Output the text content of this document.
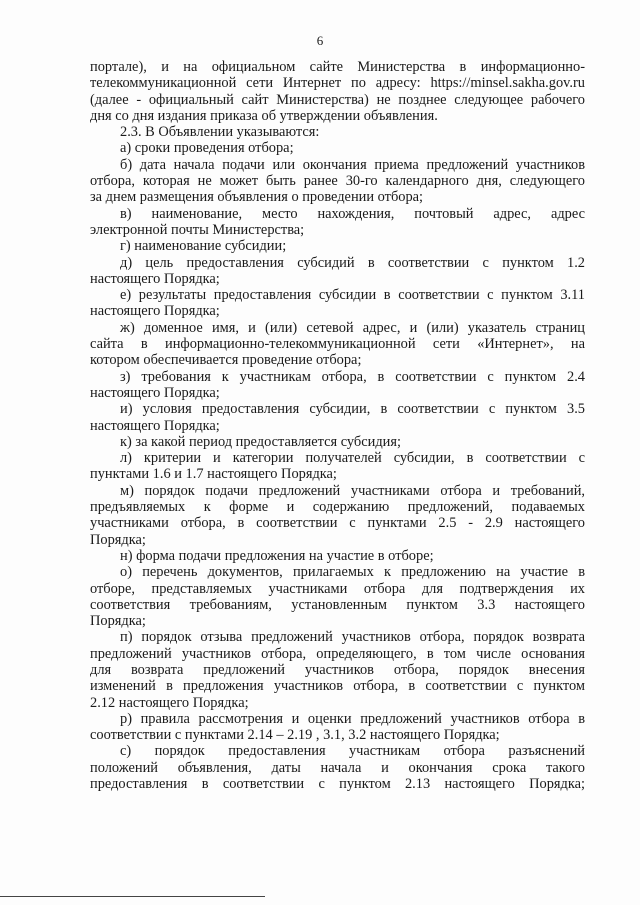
6
порталe), и на официальном сайте Министерства в информационно-
телекоммуникационной сети Интернет по адресу: https://minsel.sakha.gov.ru
(далее - официальный сайт Министерства) не позднее следующее рабочего
дня со дня издания приказа об утверждении объявления.
2.3. В Объявлении указываются:
а) сроки проведения отбора;
б) дата начала подачи или окончания приема предложений участников
отбора, которая не может быть ранее 30-го календарного дня, следующего
за днем размещения объявления о проведении отбора;
в) наименование, место нахождения, почтовый адрес, адрес
электронной почты Министерства;
г) наименование субсидии;
д) цель предоставления субсидий в соответствии с пунктом 1.2
настоящего Порядка;
е) результаты предоставления субсидии в соответствии с пунктом 3.11
настоящего Порядка;
ж) доменное имя, и (или) сетевой адрес, и (или) указатель страниц
сайта в информационно-телекоммуникационной сети «Интернет», на
котором обеспечивается проведение отбора;
з) требования к участникам отбора, в соответствии с пунктом 2.4
настоящего Порядка;
и) условия предоставления субсидии, в соответствии с пунктом 3.5
настоящего Порядка;
к) за какой период предоставляется субсидия;
л) критерии и категории получателей субсидии, в соответствии с
пунктами 1.6 и 1.7 настоящего Порядка;
м) порядок подачи предложений участниками отбора и требований,
предъявляемых к форме и содержанию предложений, подаваемых
участниками отбора, в соответствии с пунктами 2.5 - 2.9 настоящего
Порядка;
н) форма подачи предложения на участие в отборе;
о) перечень документов, прилагаемых к предложению на участие в
отборе, представляемых участниками отбора для подтверждения их
соответствия требованиям, установленным пунктом 3.3 настоящего
Порядка;
п) порядок отзыва предложений участников отбора, порядок возврата
предложений участников отбора, определяющего, в том числе основания
для возврата предложений участников отбора, порядок внесения
изменений в предложения участников отбора, в соответствии с пунктом
2.12 настоящего Порядка;
р) правила рассмотрения и оценки предложений участников отбора в
соответствии с пунктами 2.14 – 2.19 , 3.1, 3.2 настоящего Порядка;
с) порядок предоставления участникам отбора разъяснений
положений объявления, даты начала и окончания срока такого
предоставления в соответствии с пунктом 2.13 настоящего Порядка;
